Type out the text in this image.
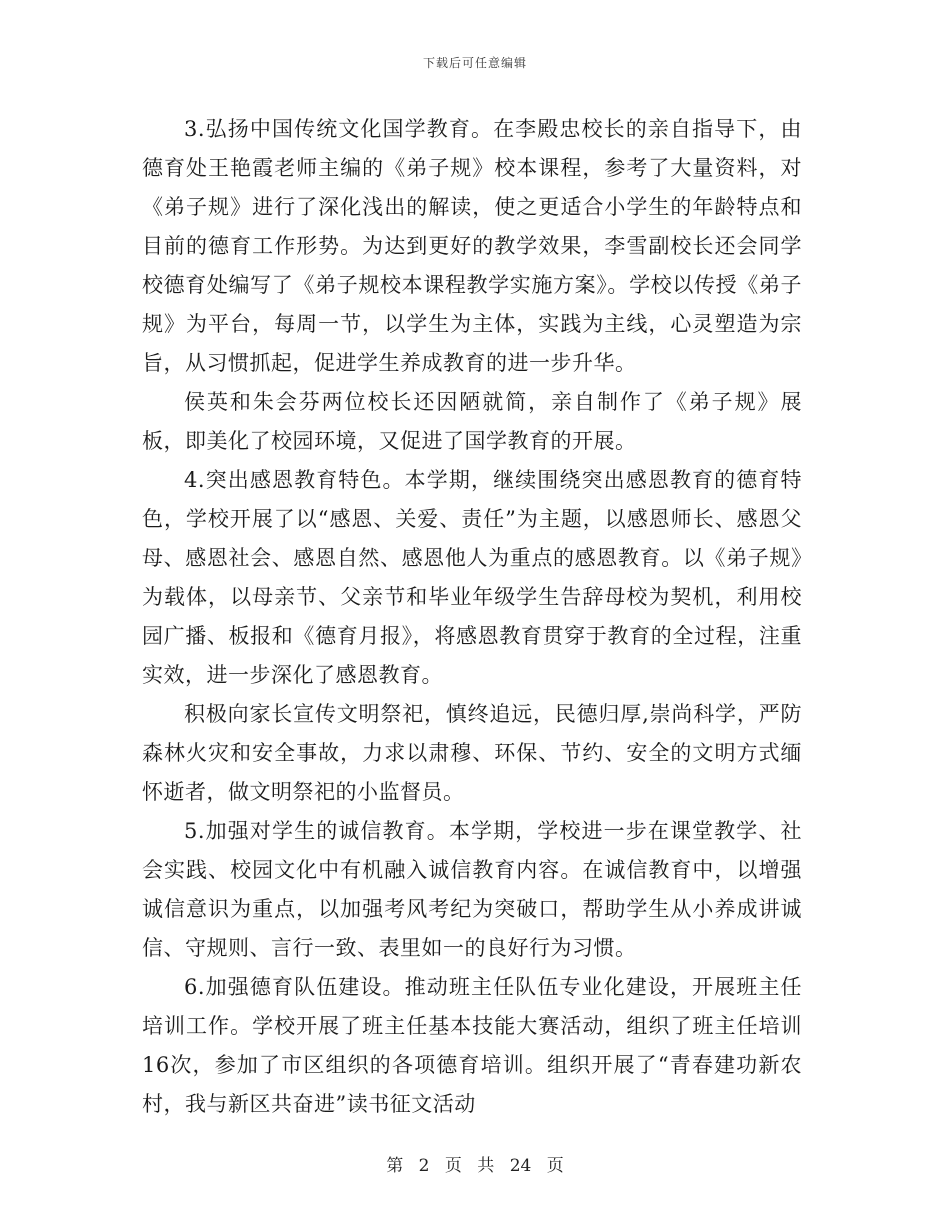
下载后可任意编辑

3.弘扬中国传统文化国学教育。在李殿忠校长的亲自指导下，由德育处王艳霞老师主编的《弟子规》校本课程，参考了大量资料，对《弟子规》进行了深化浅出的解读，使之更适合小学生的年龄特点和目前的德育工作形势。为达到更好的教学效果，李雪副校长还会同学校德育处编写了《弟子规校本课程教学实施方案》。学校以传授《弟子规》为平台，每周一节，以学生为主体，实践为主线，心灵塑造为宗旨，从习惯抓起，促进学生养成教育的进一步升华。

侯英和朱会芬两位校长还因陋就简，亲自制作了《弟子规》展板，即美化了校园环境，又促进了国学教育的开展。

4.突出感恩教育特色。本学期，继续围绕突出感恩教育的德育特色，学校开展了以“感恩、关爱、责任”为主题，以感恩师长、感恩父母、感恩社会、感恩自然、感恩他人为重点的感恩教育。以《弟子规》为载体，以母亲节、父亲节和毕业年级学生告辞母校为契机，利用校园广播、板报和《德育月报》，将感恩教育贯穿于教育的全过程，注重实效，进一步深化了感恩教育。

积极向家长宣传文明祭祀，慎终追远，民德归厚,崇尚科学，严防森林火灾和安全事故，力求以肃穆、环保、节约、安全的文明方式缅怀逝者，做文明祭祀的小监督员。

5.加强对学生的诚信教育。本学期，学校进一步在课堂教学、社会实践、校园文化中有机融入诚信教育内容。在诚信教育中，以增强诚信意识为重点，以加强考风考纪为突破口，帮助学生从小养成讲诚信、守规则、言行一致、表里如一的良好行为习惯。

6.加强德育队伍建设。推动班主任队伍专业化建设，开展班主任培训工作。学校开展了班主任基本技能大赛活动，组织了班主任培训16次，参加了市区组织的各项德育培训。组织开展了“青春建功新农村，我与新区共奋进”读书征文活动

第 2 页 共 24 页
